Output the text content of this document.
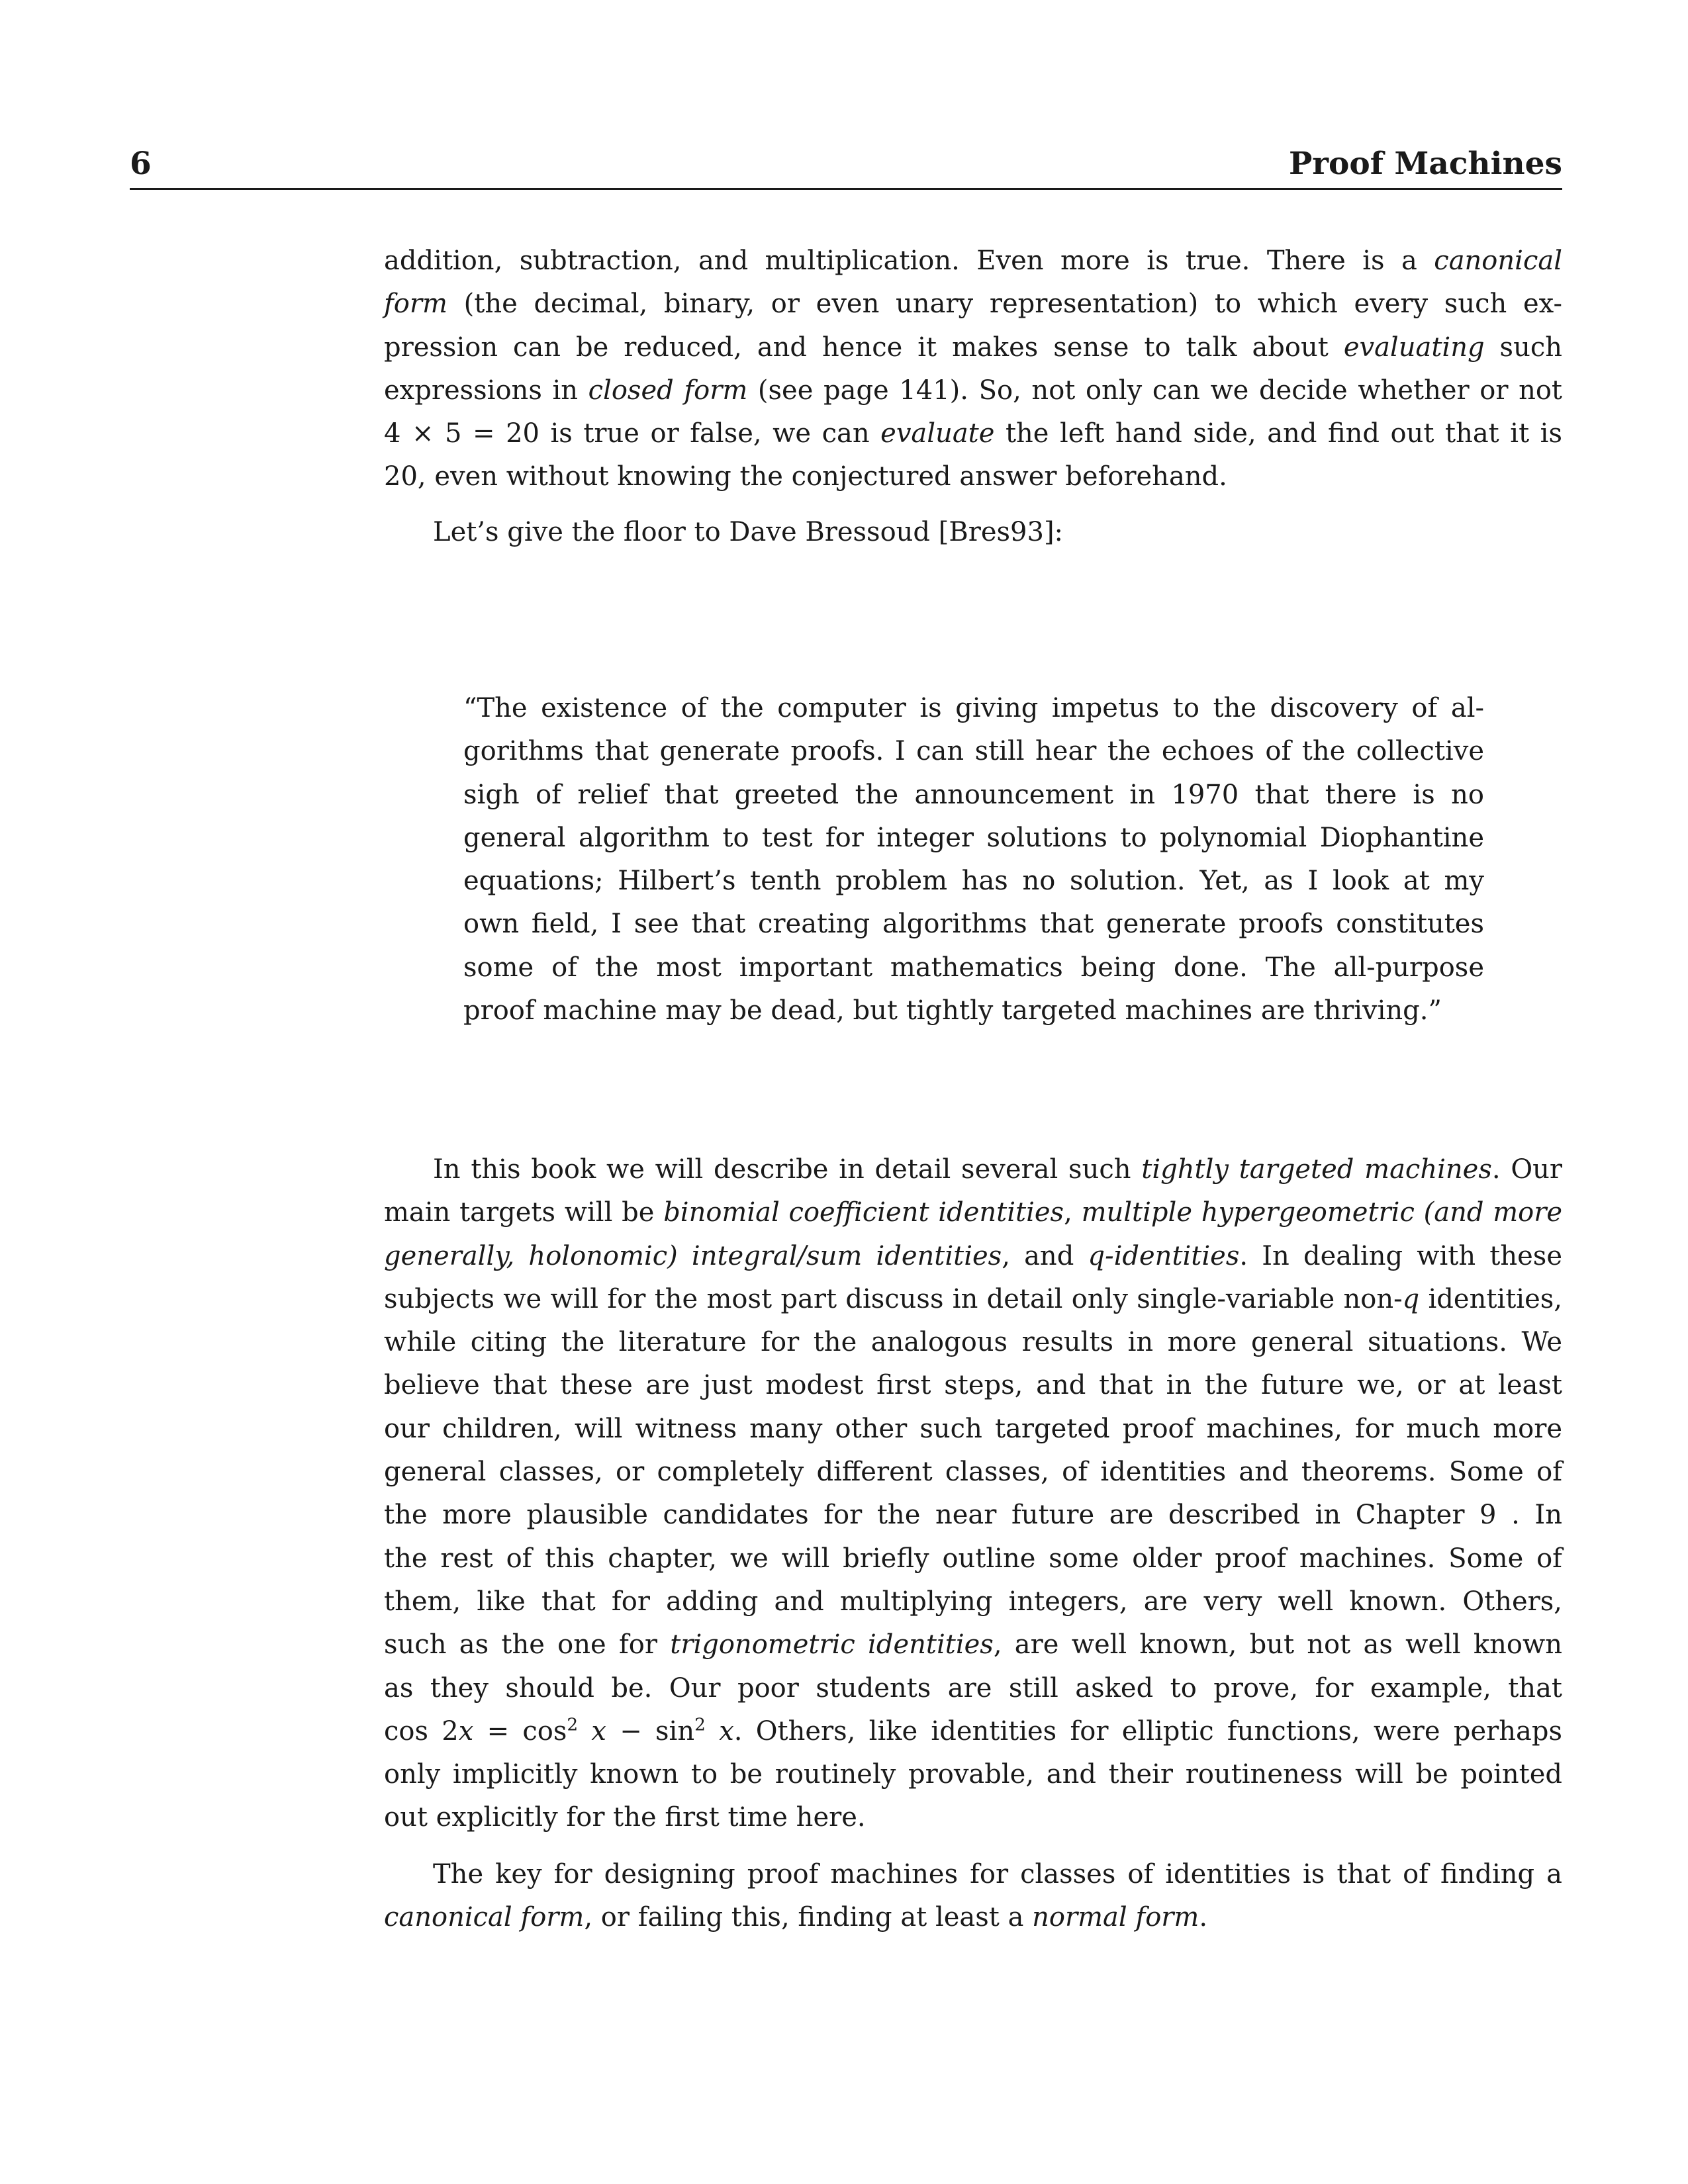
6	Proof Machines
addition, subtraction, and multiplication. Even more is true. There is a canonical
form (the decimal, binary, or even unary representation) to which every such ex-
pression can be reduced, and hence it makes sense to talk about evaluating such
expressions in closed form (see page 141). So, not only can we decide whether or not
4 × 5 = 20 is true or false, we can evaluate the left hand side, and find out that it is
20, even without knowing the conjectured answer beforehand.
Let’s give the floor to Dave Bressoud [Bres93]:
“The existence of the computer is giving impetus to the discovery of al-
gorithms that generate proofs. I can still hear the echoes of the collective
sigh of relief that greeted the announcement in 1970 that there is no
general algorithm to test for integer solutions to polynomial Diophantine
equations; Hilbert’s tenth problem has no solution. Yet, as I look at my
own field, I see that creating algorithms that generate proofs constitutes
some of the most important mathematics being done. The all-purpose
proof machine may be dead, but tightly targeted machines are thriving.”
In this book we will describe in detail several such tightly targeted machines. Our
main targets will be binomial coefficient identities, multiple hypergeometric (and more
generally, holonomic) integral/sum identities, and q-identities. In dealing with these
subjects we will for the most part discuss in detail only single-variable non-q identities,
while citing the literature for the analogous results in more general situations. We
believe that these are just modest first steps, and that in the future we, or at least
our children, will witness many other such targeted proof machines, for much more
general classes, or completely different classes, of identities and theorems. Some of
the more plausible candidates for the near future are described in Chapter 9 . In
the rest of this chapter, we will briefly outline some older proof machines. Some of
them, like that for adding and multiplying integers, are very well known. Others,
such as the one for trigonometric identities, are well known, but not as well known
as they should be. Our poor students are still asked to prove, for example, that
$\cos 2x = \cos^2 x - \sin^2 x$. Others, like identities for elliptic functions, were perhaps
only implicitly known to be routinely provable, and their routineness will be pointed
out explicitly for the first time here.
The key for designing proof machines for classes of identities is that of finding a
canonical form, or failing this, finding at least a normal form.
